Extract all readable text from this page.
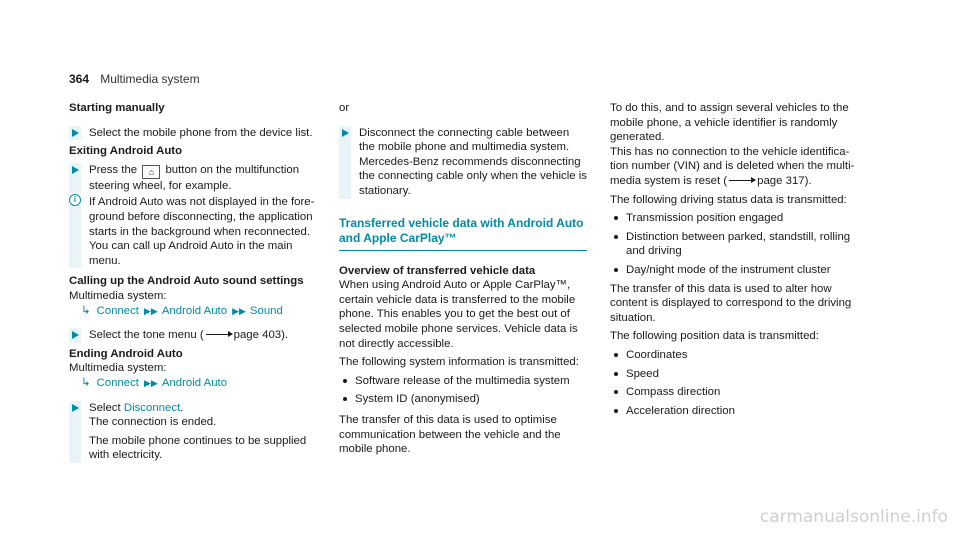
364 Multimedia system

Starting manually

Select the mobile phone from the device list.

Exiting Android Auto

Press the ⌂ button on the multifunction steering wheel, for example.
i	If Android Auto was not displayed in the fore-ground before disconnecting, the application starts in the background when reconnected. You can call up Android Auto in the main menu.

Calling up the Android Auto sound settings

Multimedia system:

↳ Connect ▶▶ Android Auto ▶▶ Sound

Select the tone menu (	page 403).

Ending Android Auto

Multimedia system:

↳ Connect ▶▶ Android Auto

Select Disconnect.
The connection is ended.
The mobile phone continues to be supplied with electricity.

or

Disconnect the connecting cable between the mobile phone and multimedia system. Mercedes-Benz recommends disconnecting the connecting cable only when the vehicle is stationary.

Transferred vehicle data with Android Auto and Apple CarPlay™

Overview of transferred vehicle data

When using Android Auto or Apple CarPlay™, certain vehicle data is transferred to the mobile phone. This enables you to get the best out of selected mobile phone services. Vehicle data is not directly accessible.

The following system information is transmitted:

Software release of the multimedia system
System ID (anonymised)

The transfer of this data is used to optimise communication between the vehicle and the mobile phone.

To do this, and to assign several vehicles to the mobile phone, a vehicle identifier is randomly generated.

This has no connection to the vehicle identifica-tion number (VIN) and is deleted when the multi-media system is reset (	page 317).

The following driving status data is transmitted:

Transmission position engaged
Distinction between parked, standstill, rolling and driving
Day/night mode of the instrument cluster

The transfer of this data is used to alter how content is displayed to correspond to the driving situation.

The following position data is transmitted:

Coordinates
Speed
Compass direction
Acceleration direction
carmanualsonline.info
